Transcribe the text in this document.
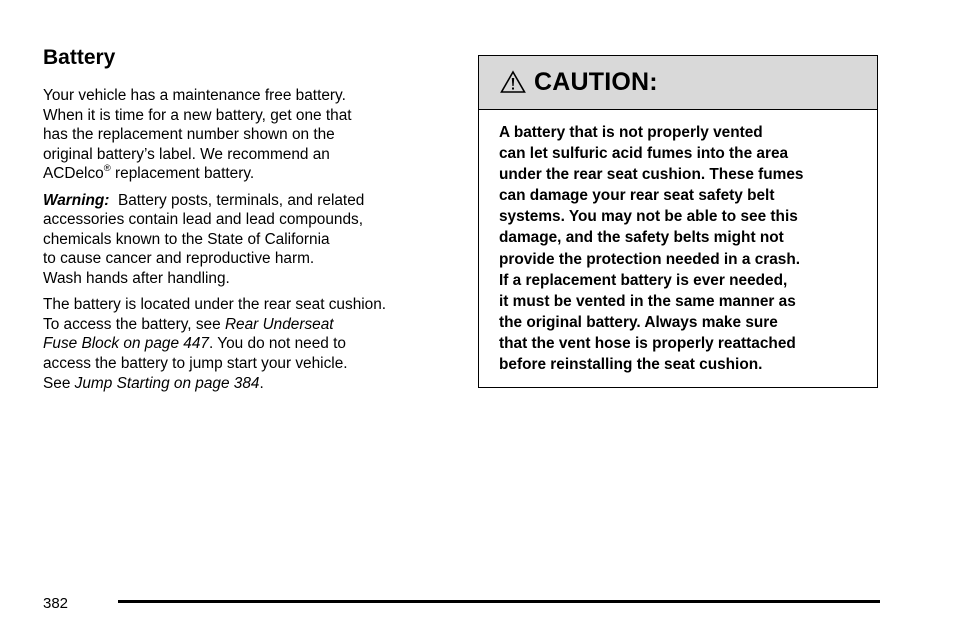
Battery

Your vehicle has a maintenance free battery.
When it is time for a new battery, get one that
has the replacement number shown on the
original battery’s label. We recommend an
ACDelco® replacement battery.

Warning:  Battery posts, terminals, and related
accessories contain lead and lead compounds,
chemicals known to the State of California
to cause cancer and reproductive harm.
Wash hands after handling.

The battery is located under the rear seat cushion.
To access the battery, see Rear Underseat
Fuse Block on page 447. You do not need to
access the battery to jump start your vehicle.
See Jump Starting on page 384.

CAUTION:
A battery that is not properly vented
can let sulfuric acid fumes into the area
under the rear seat cushion. These fumes
can damage your rear seat safety belt
systems. You may not be able to see this
damage, and the safety belts might not
provide the protection needed in a crash.
If a replacement battery is ever needed,
it must be vented in the same manner as
the original battery. Always make sure
that the vent hose is properly reattached
before reinstalling the seat cushion.
382
